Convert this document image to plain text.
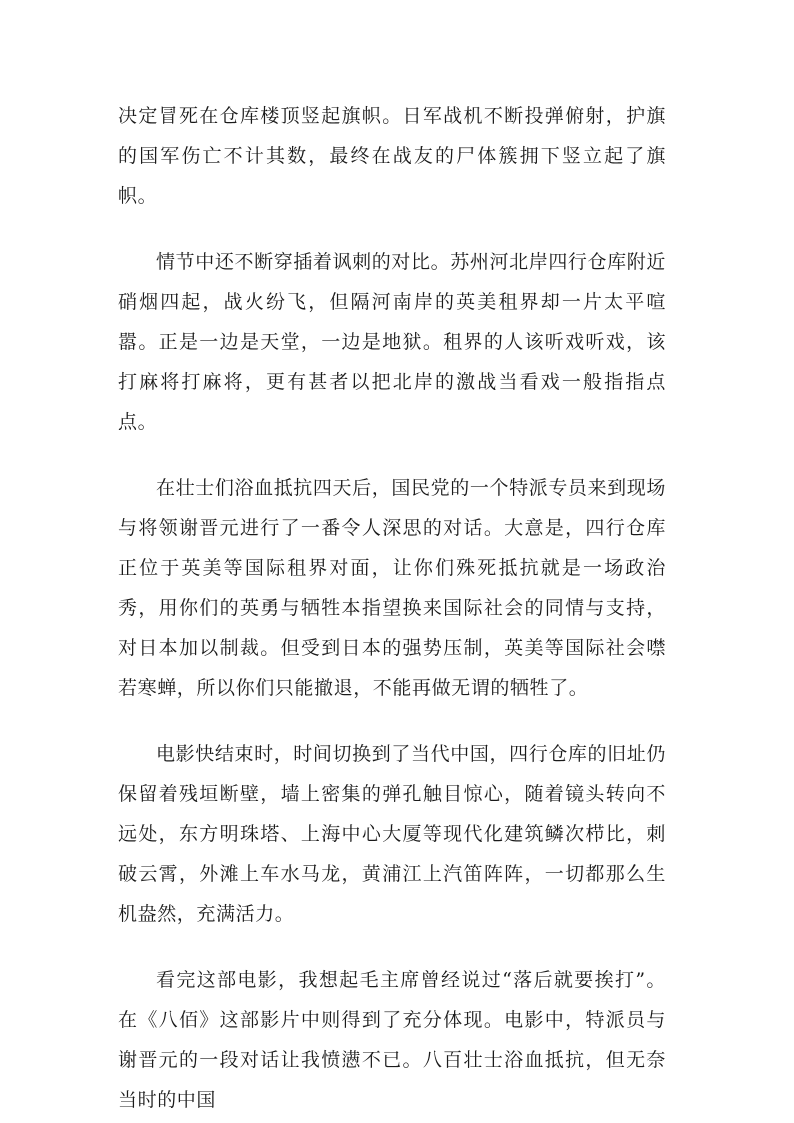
决定冒死在仓库楼顶竖起旗帜。日军战机不断投弹俯射，护旗的国军伤亡不计其数，最终在战友的尸体簇拥下竖立起了旗帜。

情节中还不断穿插着讽刺的对比。苏州河北岸四行仓库附近硝烟四起，战火纷飞，但隔河南岸的英美租界却一片太平喧嚣。正是一边是天堂，一边是地狱。租界的人该听戏听戏，该打麻将打麻将，更有甚者以把北岸的激战当看戏一般指指点点。

在壮士们浴血抵抗四天后，国民党的一个特派专员来到现场与将领谢晋元进行了一番令人深思的对话。大意是，四行仓库正位于英美等国际租界对面，让你们殊死抵抗就是一场政治秀，用你们的英勇与牺牲本指望换来国际社会的同情与支持，对日本加以制裁。但受到日本的强势压制，英美等国际社会噤若寒蝉，所以你们只能撤退，不能再做无谓的牺牲了。

电影快结束时，时间切换到了当代中国，四行仓库的旧址仍保留着残垣断壁，墙上密集的弹孔触目惊心，随着镜头转向不远处，东方明珠塔、上海中心大厦等现代化建筑鳞次栉比，刺破云霄，外滩上车水马龙，黄浦江上汽笛阵阵，一切都那么生机盎然，充满活力。

看完这部电影，我想起毛主席曾经说过“落后就要挨打”。在《八佰》这部影片中则得到了充分体现。电影中，特派员与谢晋元的一段对话让我愤懑不已。八百壮士浴血抵抗，但无奈当时的中国
